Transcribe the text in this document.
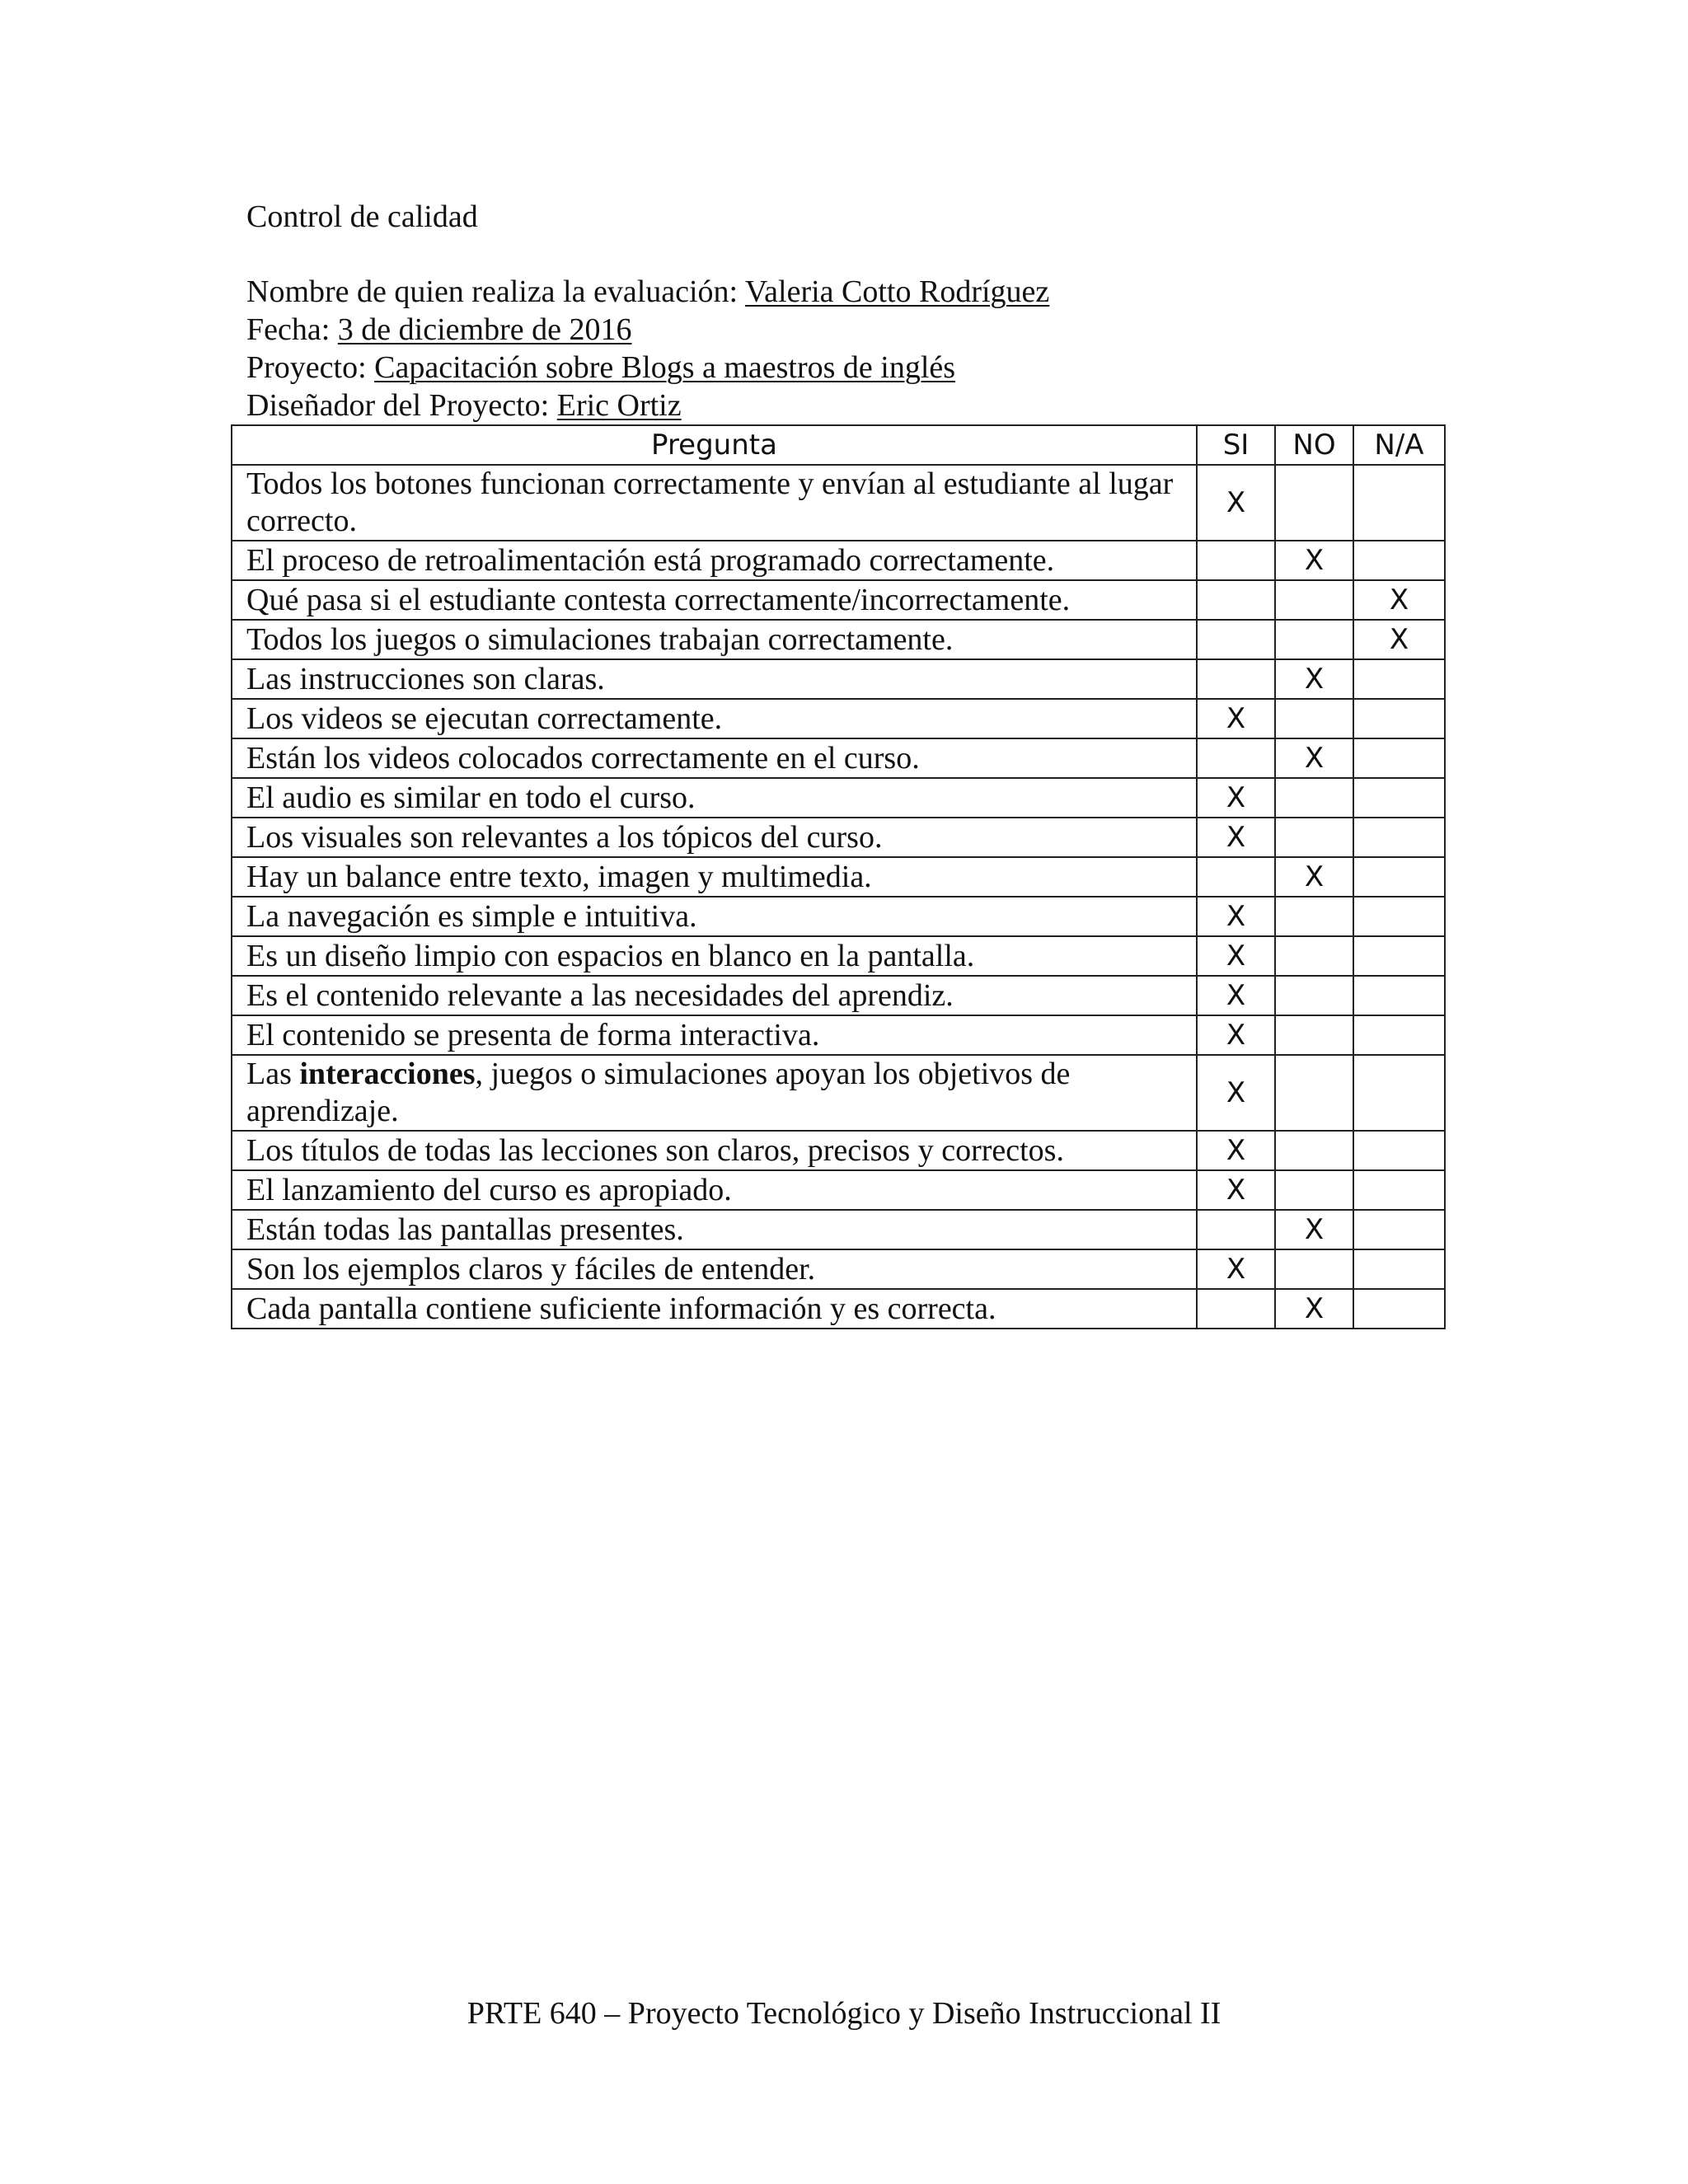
Control de calidad
Nombre de quien realiza la evaluación: Valeria Cotto Rodríguez
Fecha: 3 de diciembre de 2016
Proyecto: Capacitación sobre Blogs a maestros de inglés
Diseñador del Proyecto: Eric Ortiz
Pregunta	SI	NO	N/A
Todos los botones funcionan correctamente y envían al estudiante al lugar correcto.	X		
El proceso de retroalimentación está programado correctamente.		X	
Qué pasa si el estudiante contesta correctamente/incorrectamente.			X
Todos los juegos o simulaciones trabajan correctamente.			X
Las instrucciones son claras.		X	
Los videos se ejecutan correctamente.	X		
Están los videos colocados correctamente en el curso.		X	
El audio es similar en todo el curso.	X		
Los visuales son relevantes a los tópicos del curso.	X		
Hay un balance entre texto, imagen y multimedia.		X	
La navegación es simple e intuitiva.	X		
Es un diseño limpio con espacios en blanco en la pantalla.	X		
Es el contenido relevante a las necesidades del aprendiz.	X		
El contenido se presenta de forma interactiva.	X		
Las interacciones, juegos o simulaciones apoyan los objetivos de aprendizaje.	X		
Los títulos de todas las lecciones son claros, precisos y correctos.	X		
El lanzamiento del curso es apropiado.	X		
Están todas las pantallas presentes.		X	
Son los ejemplos claros y fáciles de entender.	X		
Cada pantalla contiene suficiente información y es correcta.		X	
PRTE 640 – Proyecto Tecnológico y Diseño Instruccional II
